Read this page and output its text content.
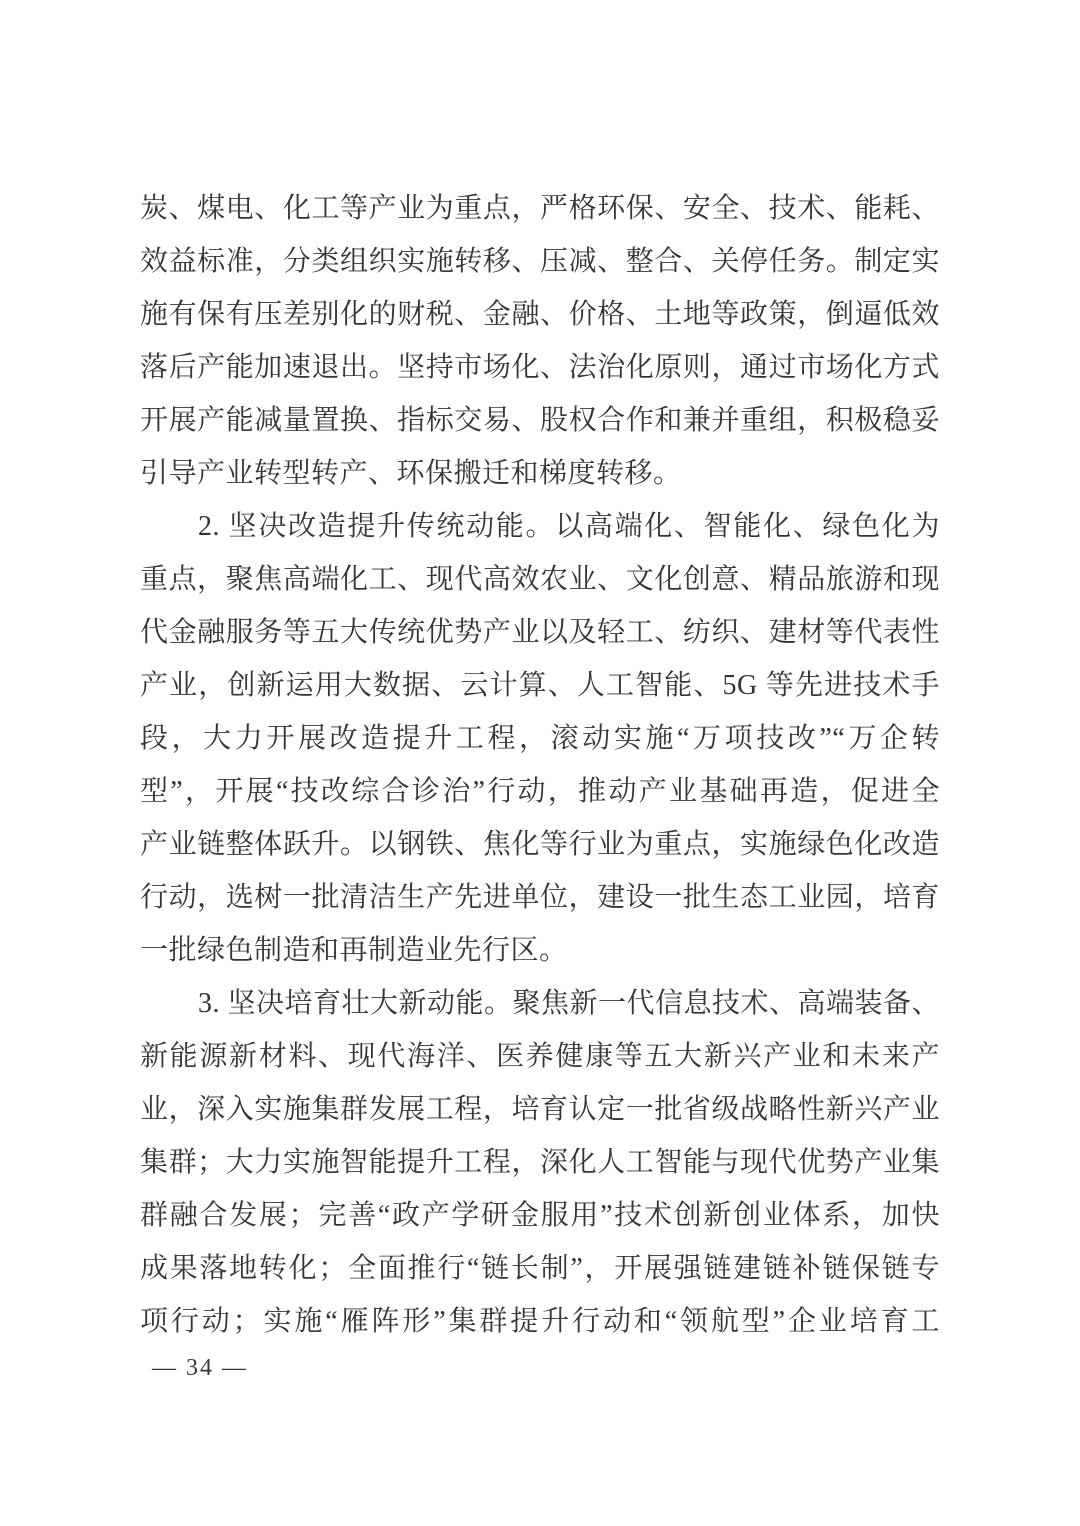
炭、煤电、化工等产业为重点，严格环保、安全、技术、能耗、
效益标准，分类组织实施转移、压减、整合、关停任务。制定实
施有保有压差别化的财税、金融、价格、土地等政策，倒逼低效
落后产能加速退出。坚持市场化、法治化原则，通过市场化方式
开展产能减量置换、指标交易、股权合作和兼并重组，积极稳妥
引导产业转型转产、环保搬迁和梯度转移。
2. 坚决改造提升传统动能。以高端化、智能化、绿色化为
重点，聚焦高端化工、现代高效农业、文化创意、精品旅游和现
代金融服务等五大传统优势产业以及轻工、纺织、建材等代表性
产业，创新运用大数据、云计算、人工智能、5G 等先进技术手
段，大力开展改造提升工程，滚动实施“万项技改”“万企转
型”，开展“技改综合诊治”行动，推动产业基础再造，促进全
产业链整体跃升。以钢铁、焦化等行业为重点，实施绿色化改造
行动，选树一批清洁生产先进单位，建设一批生态工业园，培育
一批绿色制造和再制造业先行区。
3. 坚决培育壮大新动能。聚焦新一代信息技术、高端装备、
新能源新材料、现代海洋、医养健康等五大新兴产业和未来产
业，深入实施集群发展工程，培育认定一批省级战略性新兴产业
集群；大力实施智能提升工程，深化人工智能与现代优势产业集
群融合发展；完善“政产学研金服用”技术创新创业体系，加快
成果落地转化；全面推行“链长制”，开展强链建链补链保链专
项行动；实施“雁阵形”集群提升行动和“领航型”企业培育工
— 34 —
